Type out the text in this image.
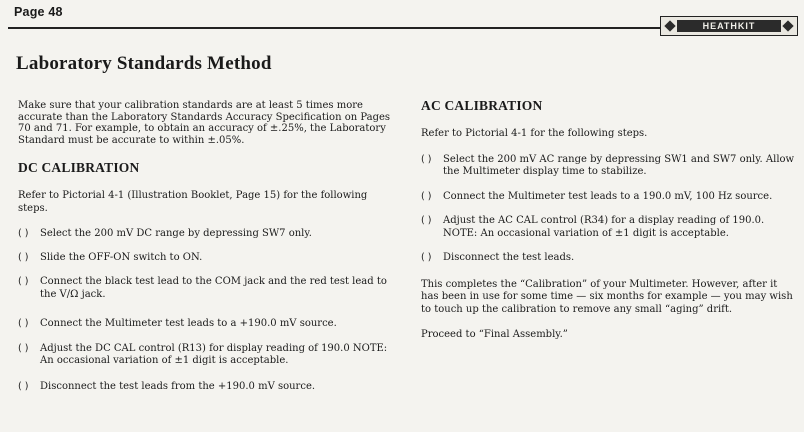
Page 48
HEATHKIT
Laboratory Standards Method

Make sure that your calibration standards are at least 5 times more accurate than the Laboratory Standards Accuracy Specification on Pages 70 and 71. For example, to obtain an accuracy of ±.25%, the Laboratory Standard must be accurate to within ±.05%.

DC CALIBRATION

Refer to Pictorial 4-1 (Illustration Booklet, Page 15) for the following steps.

( )	Select the 200 mV DC range by depressing SW7 only.
( )	Slide the OFF-ON switch to ON.
( )	Connect the black test lead to the COM jack and the red test lead to the V/Ω jack.
( )	Connect the Multimeter test leads to a +190.0 mV source.
( )	Adjust the DC CAL control (R13) for display reading of 190.0 NOTE: An occasional variation of ±1 digit is acceptable.
( )	Disconnect the test leads from the +190.0 mV source.
AC CALIBRATION

Refer to Pictorial 4-1 for the following steps.

( )	Select the 200 mV AC range by depressing SW1 and SW7 only. Allow the Multimeter display time to stabilize.
( )	Connect the Multimeter test leads to a 190.0 mV, 100 Hz source.
( )	Adjust the AC CAL control (R34) for a display reading of 190.0. NOTE: An occasional variation of ±1 digit is acceptable.
( )	Disconnect the test leads.

This completes the “Calibration” of your Multimeter. However, after it has been in use for some time — six months for example — you may wish to touch up the calibration to remove any small “aging” drift.

Proceed to “Final Assembly.”
